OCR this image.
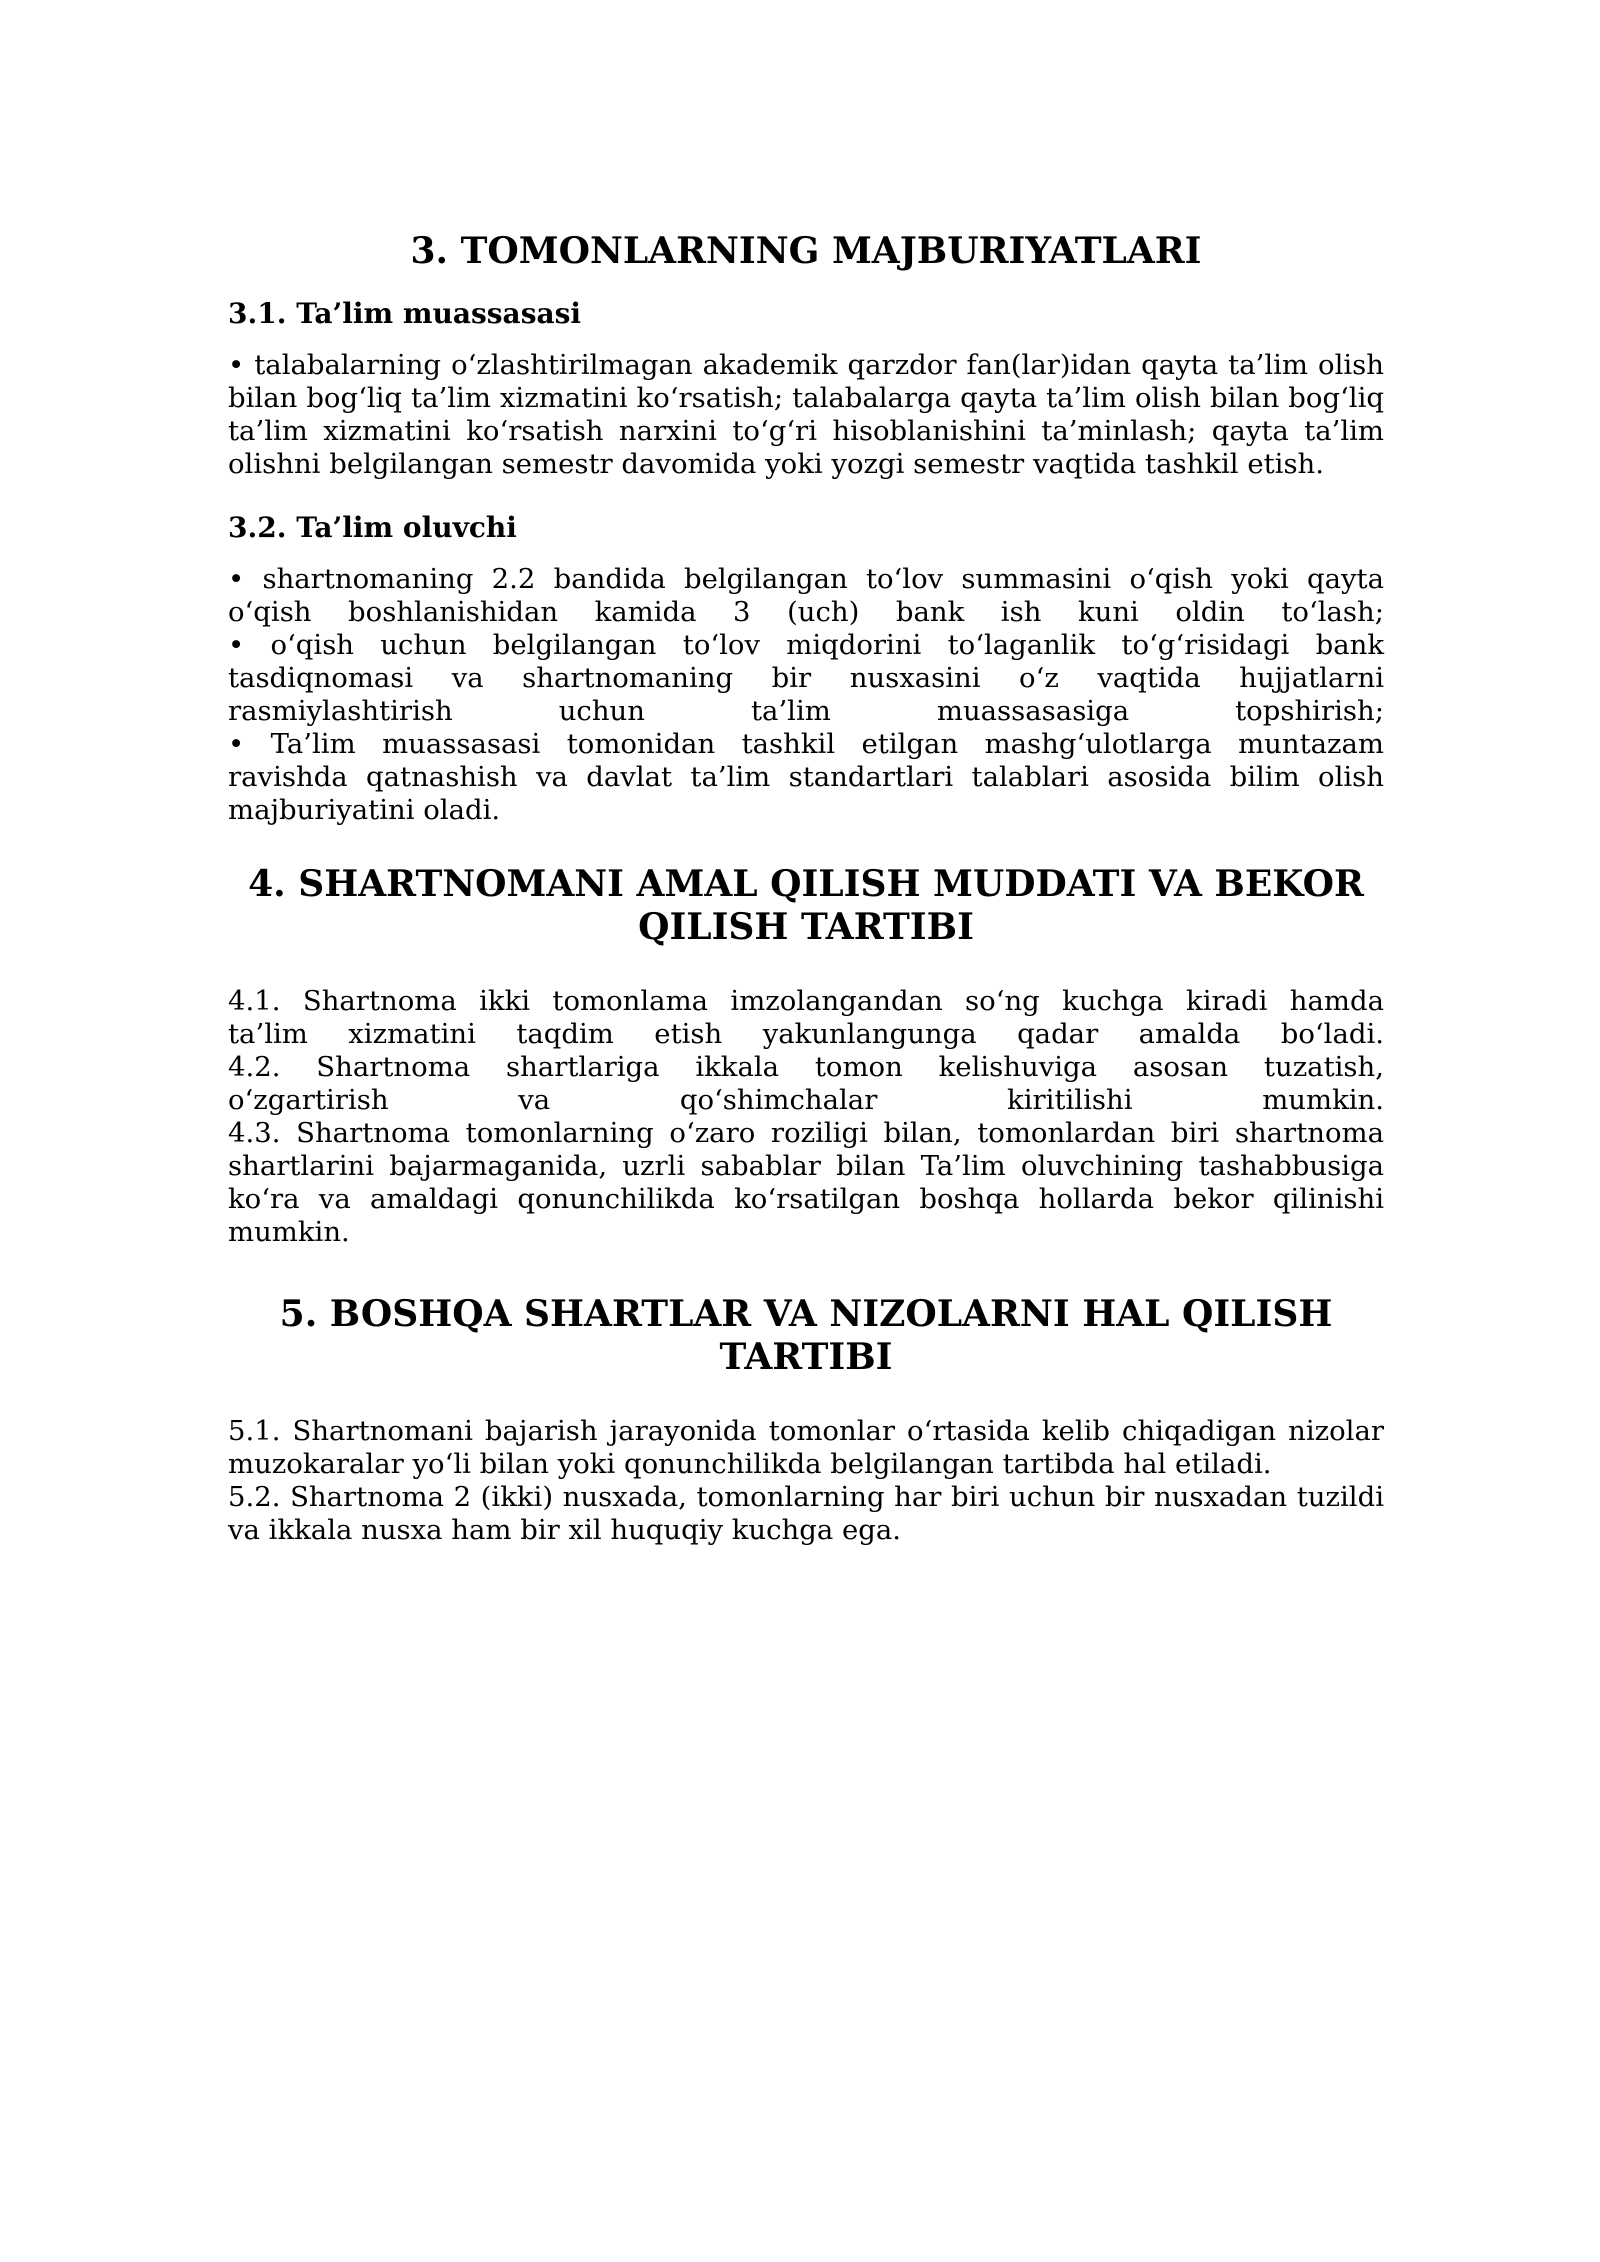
3. TOMONLARNING MAJBURIYATLARI
3.1. Ta’lim muassasasi

• talabalarning oʻzlashtirilmagan akademik qarzdor fan(lar)idan qayta ta’lim olish bilan bogʻliq ta’lim xizmatini koʻrsatish; talabalarga qayta ta’lim olish bilan bogʻliq ta’lim xizmatini koʻrsatish narxini toʻgʻri hisoblanishini ta’minlash; qayta ta’lim olishni belgilangan semestr davomida yoki yozgi semestr vaqtida tashkil etish.

3.2. Ta’lim oluvchi

• shartnomaning 2.2 bandida belgilangan toʻlov summasini oʻqish yoki qayta

oʻqish boshlanishidan kamida 3 (uch) bank ish kuni oldin toʻlash;

• oʻqish uchun belgilangan toʻlov miqdorini toʻlaganlik toʻgʻrisidagi bank

tasdiqnomasi va shartnomaning bir nusxasini oʻz vaqtida hujjatlarni

rasmiylashtirish uchun ta’lim muassasasiga topshirish;

• Ta’lim muassasasi tomonidan tashkil etilgan mashgʻulotlarga muntazam ravishda qatnashish va davlat ta’lim standartlari talablari asosida bilim olish majburiyatini oladi.

4. SHARTNOMANI AMAL QILISH MUDDATI VA BEKOR
QILISH TARTIBI

4.1. Shartnoma ikki tomonlama imzolangandan soʻng kuchga kiradi hamda

ta’lim xizmatini taqdim etish yakunlangunga qadar amalda boʻladi.

4.2. Shartnoma shartlariga ikkala tomon kelishuviga asosan tuzatish,

oʻzgartirish va qoʻshimchalar kiritilishi mumkin.

4.3. Shartnoma tomonlarning oʻzaro roziligi bilan, tomonlardan biri shartnoma shartlarini bajarmaganida, uzrli sabablar bilan Ta’lim oluvchining tashabbusiga koʻra va amaldagi qonunchilikda koʻrsatilgan boshqa hollarda bekor qilinishi mumkin.

5. BOSHQA SHARTLAR VA NIZOLARNI HAL QILISH
TARTIBI

5.1. Shartnomani bajarish jarayonida tomonlar oʻrtasida kelib chiqadigan nizolar muzokaralar yoʻli bilan yoki qonunchilikda belgilangan tartibda hal etiladi.

5.2. Shartnoma 2 (ikki) nusxada, tomonlarning har biri uchun bir nusxadan tuzildi va ikkala nusxa ham bir xil huquqiy kuchga ega.
